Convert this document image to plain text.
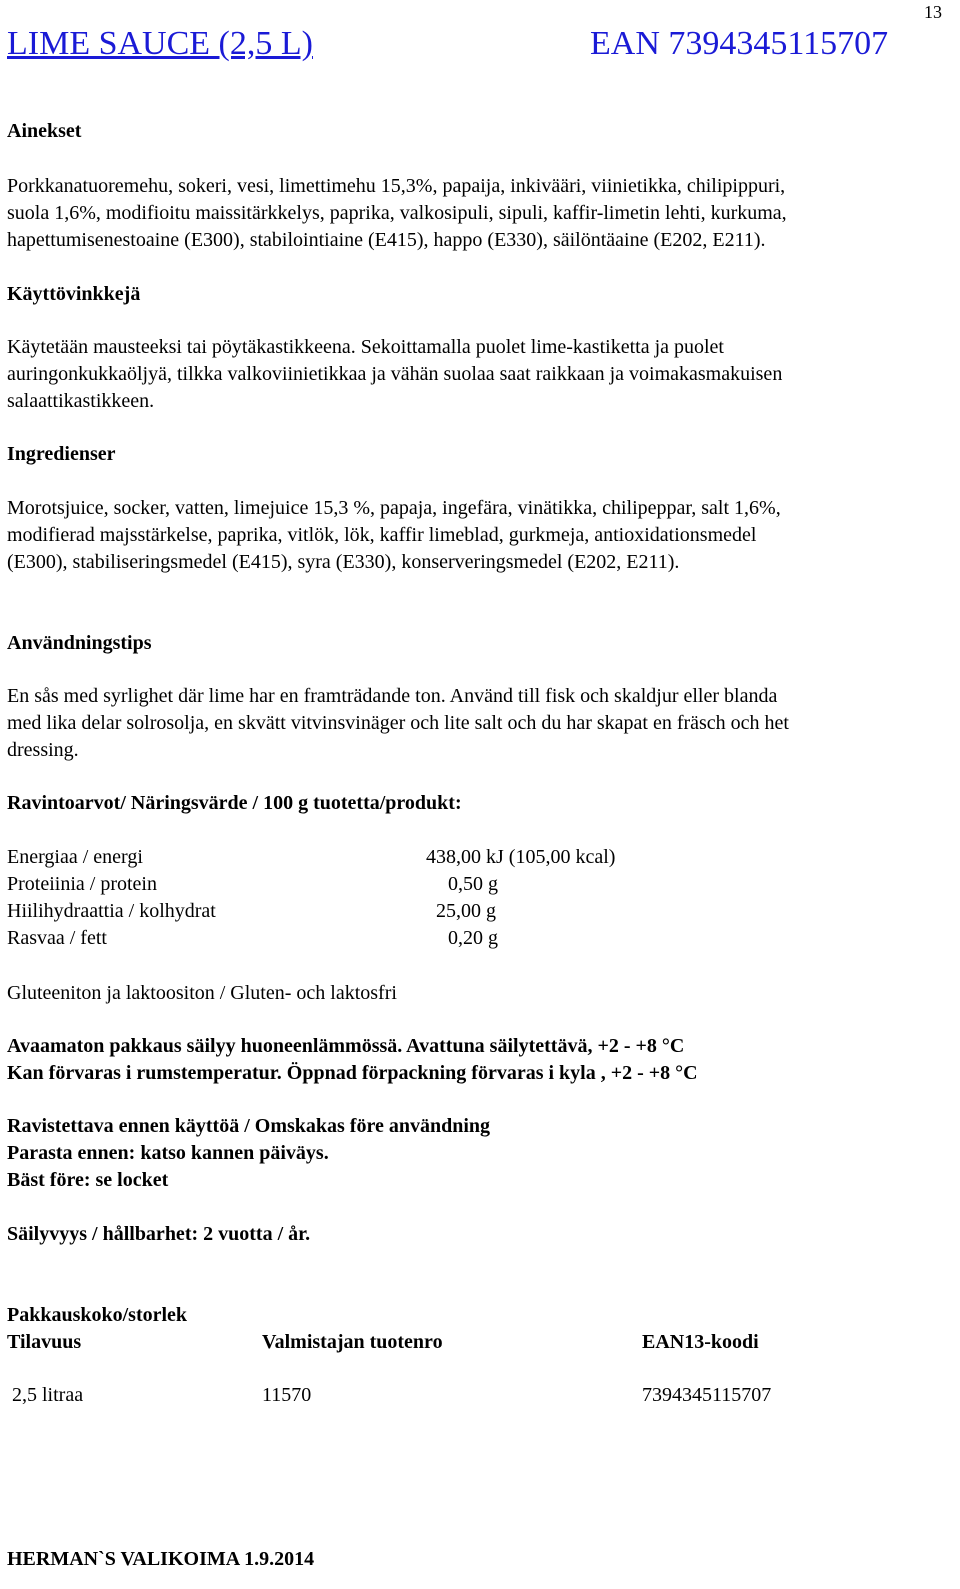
13
LIME SAUCE (2,5 L)	EAN 7394345115707
Ainekset
Porkkanatuoremehu, sokeri, vesi, limettimehu 15,3%, papaija, inkivääri, viinietikka, chilipippuri,
suola 1,6%, modifioitu maissitärkkelys, paprika, valkosipuli, sipuli, kaffir-limetin lehti, kurkuma,
hapettumisenestoaine (E300), stabilointiaine (E415), happo (E330), säilöntäaine (E202, E211).
Käyttövinkkejä
Käytetään mausteeksi tai pöytäkastikkeena. Sekoittamalla puolet lime-kastiketta ja puolet
auringonkukkaöljyä, tilkka valkoviinietikkaa ja vähän suolaa saat raikkaan ja voimakasmakuisen
salaattikastikkeen.
Ingredienser
Morotsjuice, socker, vatten, limejuice 15,3 %, papaja, ingefära, vinätikka, chilipeppar, salt 1,6%,
modifierad majsstärkelse, paprika, vitlök, lök, kaffir limeblad, gurkmeja, antioxidationsmedel
(E300), stabiliseringsmedel (E415), syra (E330), konserveringsmedel (E202, E211).
Användningstips
En sås med syrlighet där lime har en framträdande ton. Använd till fisk och skaldjur eller blanda
med lika delar solrosolja, en skvätt vitvinsvinäger och lite salt och du har skapat en fräsch och het
dressing.
Ravintoarvot/ Näringsvärde / 100 g tuotetta/produkt:
Energiaa / energi	438,00 kJ (105,00 kcal)
Proteiinia / protein	0,50 g
Hiilihydraattia / kolhydrat	25,00 g
Rasvaa / fett	0,20 g
Gluteeniton ja laktoositon / Gluten- och laktosfri
Avaamaton pakkaus säilyy huoneenlämmössä. Avattuna säilytettävä, +2 - +8 °C
Kan förvaras i rumstemperatur. Öppnad förpackning förvaras i kyla , +2 - +8 °C
Ravistettava ennen käyttöä / Omskakas före användning
Parasta ennen: katso kannen päiväys.
Bäst före: se locket
Säilyvyys / hållbarhet: 2 vuotta / år.
Pakkauskoko/storlek
Tilavuus	Valmistajan tuotenro	EAN13-koodi
2,5 litraa	11570	7394345115707
HERMAN`S VALIKOIMA 1.9.2014
